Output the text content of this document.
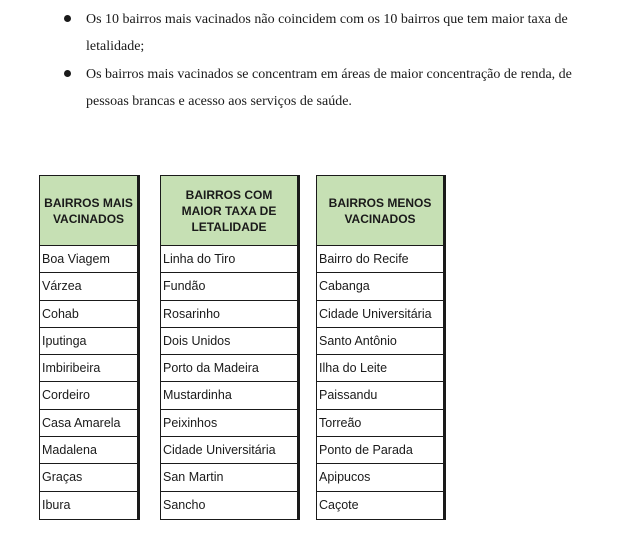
Os 10 bairros mais vacinados não coincidem com os 10 bairros que tem maior taxa de letalidade;
Os bairros mais vacinados se concentram em áreas de maior concentração de renda, de pessoas brancas e acesso aos serviços de saúde.
BAIRROS MAIS VACINADOS
Boa Viagem
Várzea
Cohab
Iputinga
Imbiribeira
Cordeiro
Casa Amarela
Madalena
Graças
Ibura
BAIRROS COM MAIOR TAXA DE LETALIDADE
Linha do Tiro
Fundão
Rosarinho
Dois Unidos
Porto da Madeira
Mustardinha
Peixinhos
Cidade Universitária
San Martin
Sancho
BAIRROS MENOS VACINADOS
Bairro do Recife
Cabanga
Cidade Universitária
Santo Antônio
Ilha do Leite
Paissandu
Torreão
Ponto de Parada
Apipucos
Caçote
